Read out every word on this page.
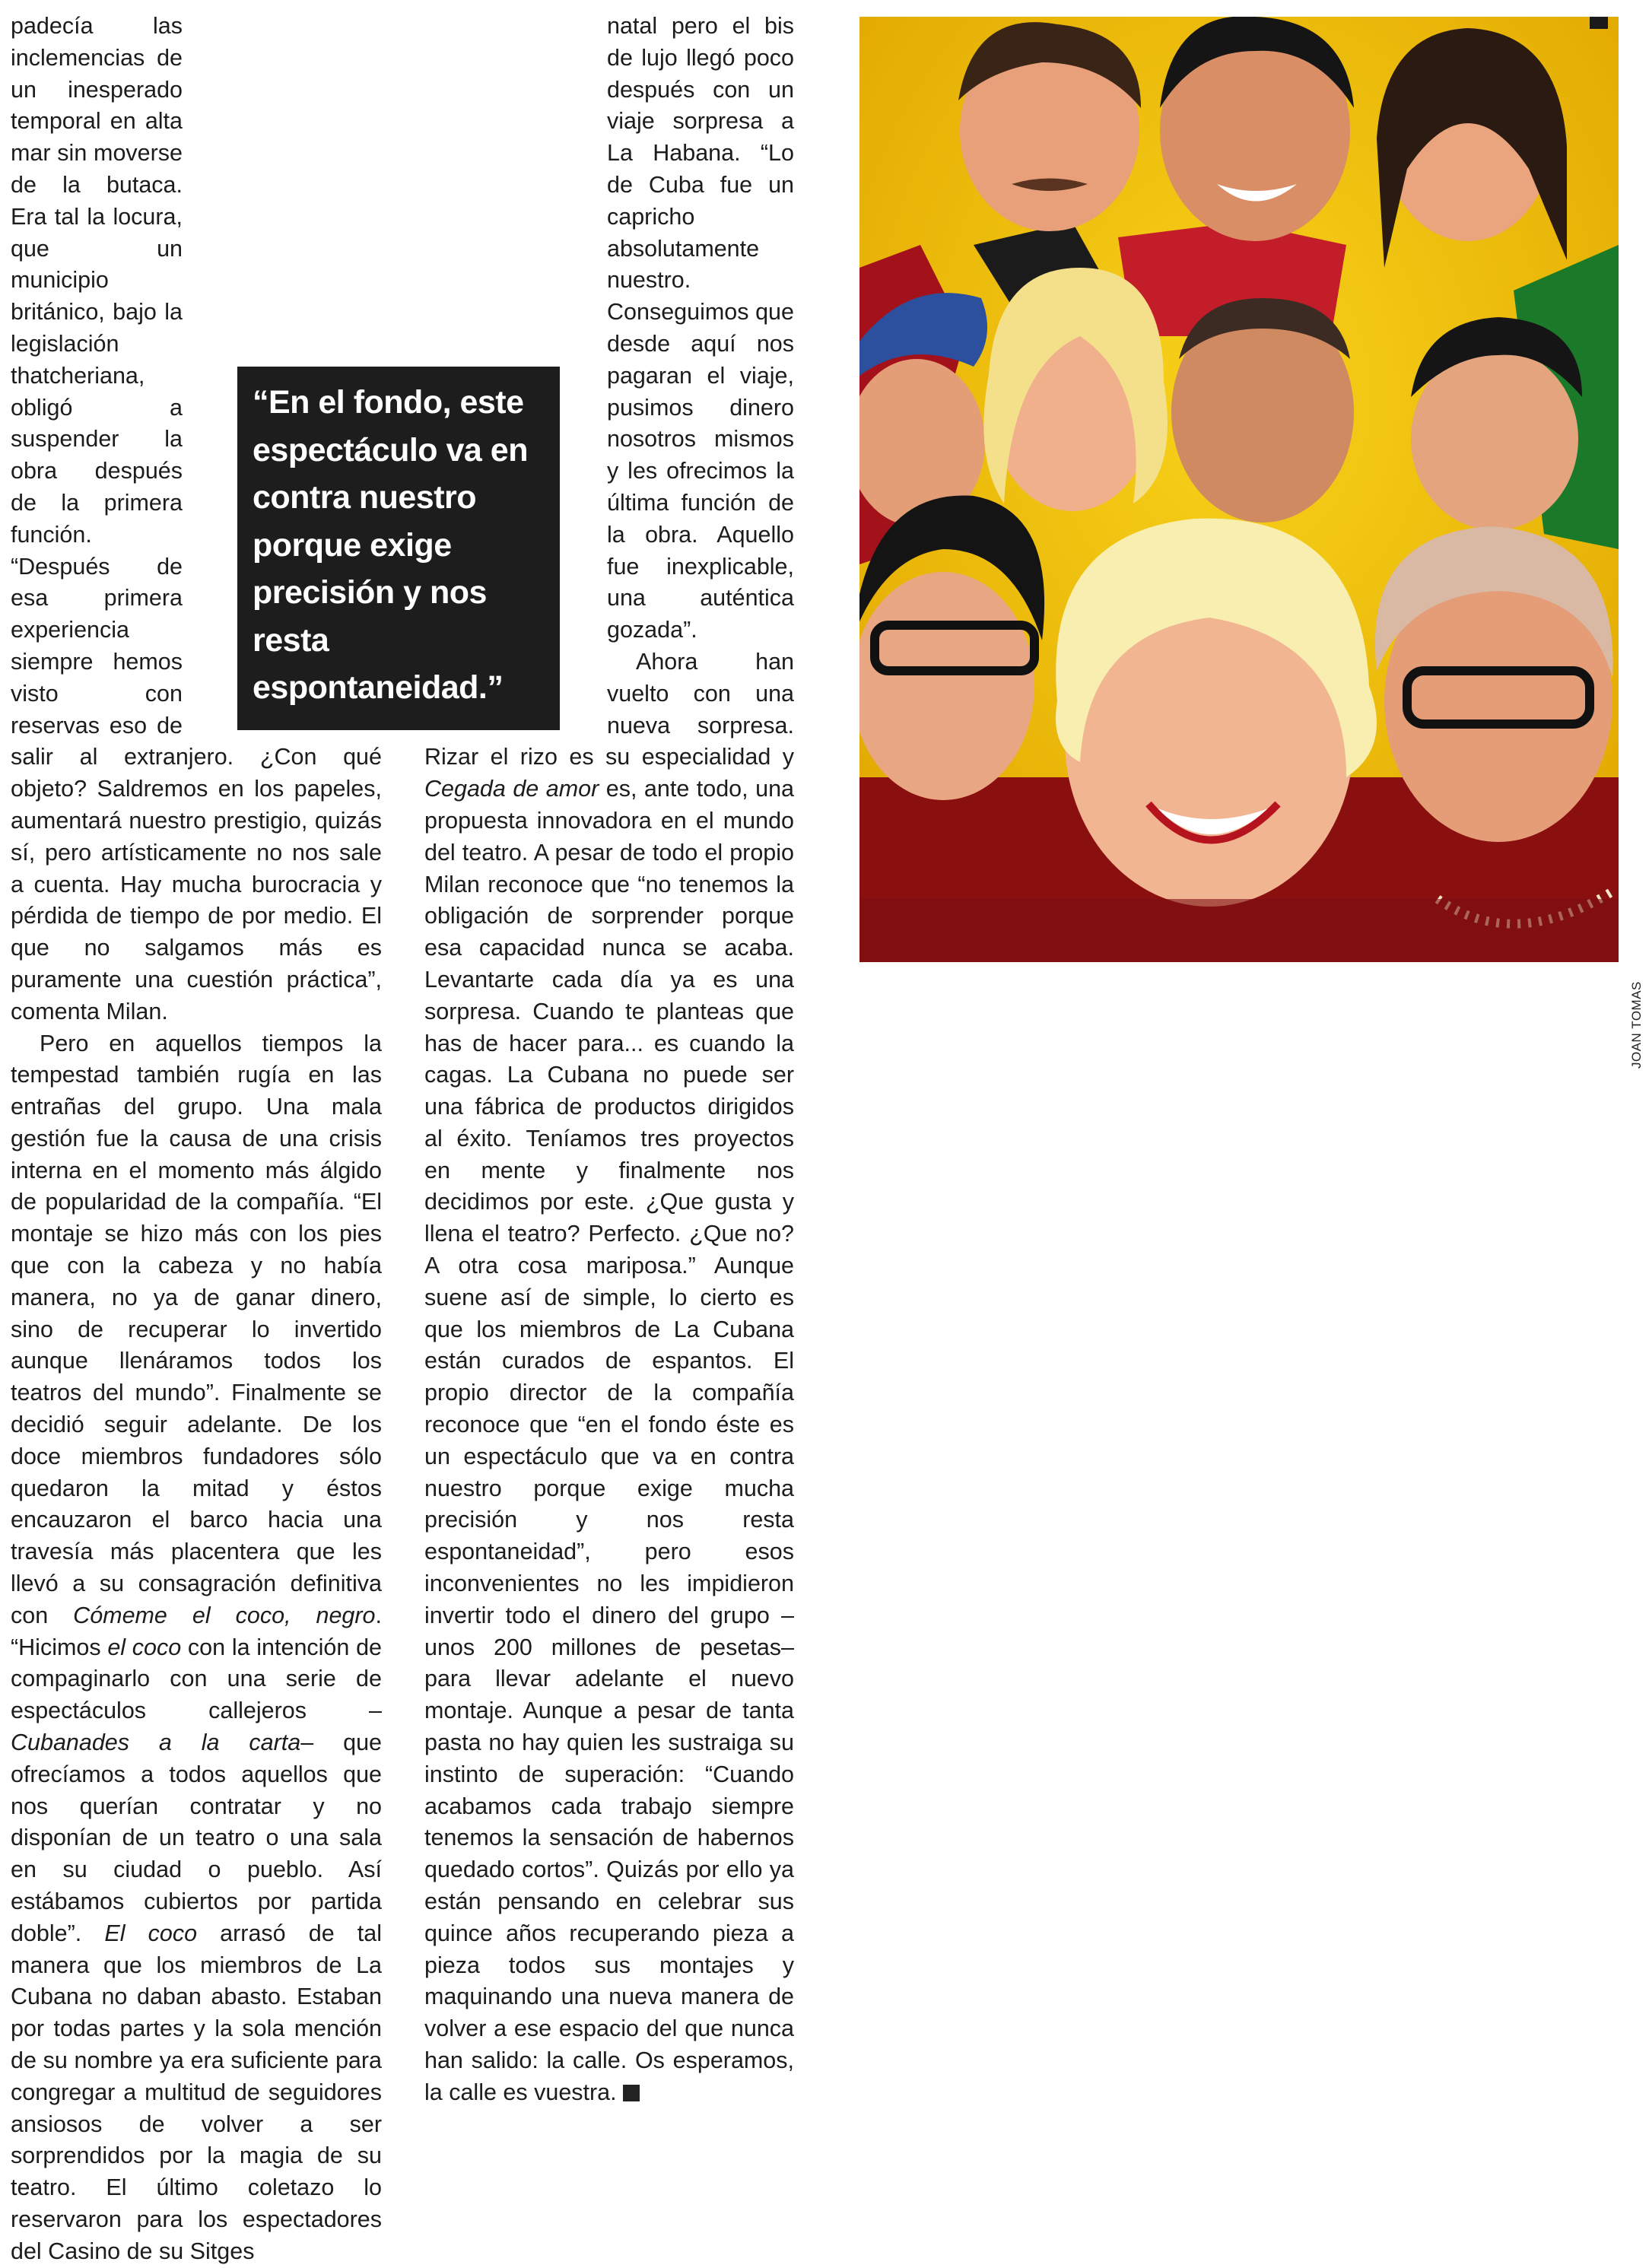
padecía las inclemencias de un inesperado temporal en alta mar sin moverse de la butaca. Era tal la locura, que un municipio británico, bajo la legislación thatcheriana, obligó a suspender la obra después de la primera función. “Después de esa primera experiencia siempre hemos visto con reservas eso de salir al extranjero. ¿Con qué objeto? Saldremos en los papeles, aumentará nuestro prestigio, quizás sí, pero artísticamente no nos sale a cuenta. Hay mucha burocracia y pérdida de tiempo de por medio. El que no salgamos más es puramente una cuestión práctica”, comenta Milan.

Pero en aquellos tiempos la tempestad también rugía en las entrañas del grupo. Una mala gestión fue la causa de una crisis interna en el momento más álgido de popularidad de la compañía. “El montaje se hizo más con los pies que con la cabeza y no había manera, no ya de ganar dinero, sino de recuperar lo invertido aunque llenáramos todos los teatros del mundo”. Finalmente se decidió seguir adelante. De los doce miembros fundadores sólo quedaron la mitad y éstos encauzaron el barco hacia una travesía más placentera que les llevó a su consagración definitiva con Cómeme el coco, negro. “Hicimos el coco con la intención de compaginarlo con una serie de espectáculos callejeros –Cubanades a la carta– que ofrecíamos a todos aquellos que nos querían contratar y no disponían de un teatro o una sala en su ciudad o pueblo. Así estábamos cubiertos por partida doble”. El coco arrasó de tal manera que los miembros de La Cubana no daban abasto. Estaban por todas partes y la sola mención de su nombre ya era suficiente para congregar a multitud de seguidores ansiosos de volver a ser sorprendidos por la magia de su teatro. El último coletazo lo reservaron para los espectadores del Casino de su Sitges

natal pero el bis de lujo llegó poco después con un viaje sorpresa a La Habana. “Lo de Cuba fue un capricho absolutamente nuestro. Conseguimos que desde aquí nos pagaran el viaje, pusimos dinero nosotros mismos y les ofrecimos la última función de la obra. Aquello fue inexplicable, una auténtica gozada”.

Ahora han vuelto con una nueva sorpresa. Rizar el rizo es su especialidad y Cegada de amor es, ante todo, una propuesta innovadora en el mundo del teatro. A pesar de todo el propio Milan reconoce que “no tenemos la obligación de sorprender porque esa capacidad nunca se acaba. Levantarte cada día ya es una sorpresa. Cuando te planteas que has de hacer para... es cuando la cagas. La Cubana no puede ser una fábrica de productos dirigidos al éxito. Teníamos tres proyectos en mente y finalmente nos decidimos por este. ¿Que gusta y llena el teatro? Perfecto. ¿Que no? A otra cosa mariposa.” Aunque suene así de simple, lo cierto es que los miembros de La Cubana están curados de espantos. El propio director de la compañía reconoce que “en el fondo éste es un espectáculo que va en contra nuestro porque exige mucha precisión y nos resta espontaneidad”, pero esos inconvenientes no les impidieron invertir todo el dinero del grupo –unos 200 millones de pesetas– para llevar adelante el nuevo montaje. Aunque a pesar de tanta pasta no hay quien les sustraiga su instinto de superación: “Cuando acabamos cada trabajo siempre tenemos la sensación de habernos quedado cortos”. Quizás por ello ya están pensando en celebrar sus quince años recuperando pieza a pieza todos sus montajes y maquinando una nueva manera de volver a ese espacio del que nunca han salido: la calle. Os esperamos, la calle es vuestra.

“En el fondo, este espectáculo va en contra nuestro porque exige precisión y nos resta espontaneidad.”
JOAN TOMAS
